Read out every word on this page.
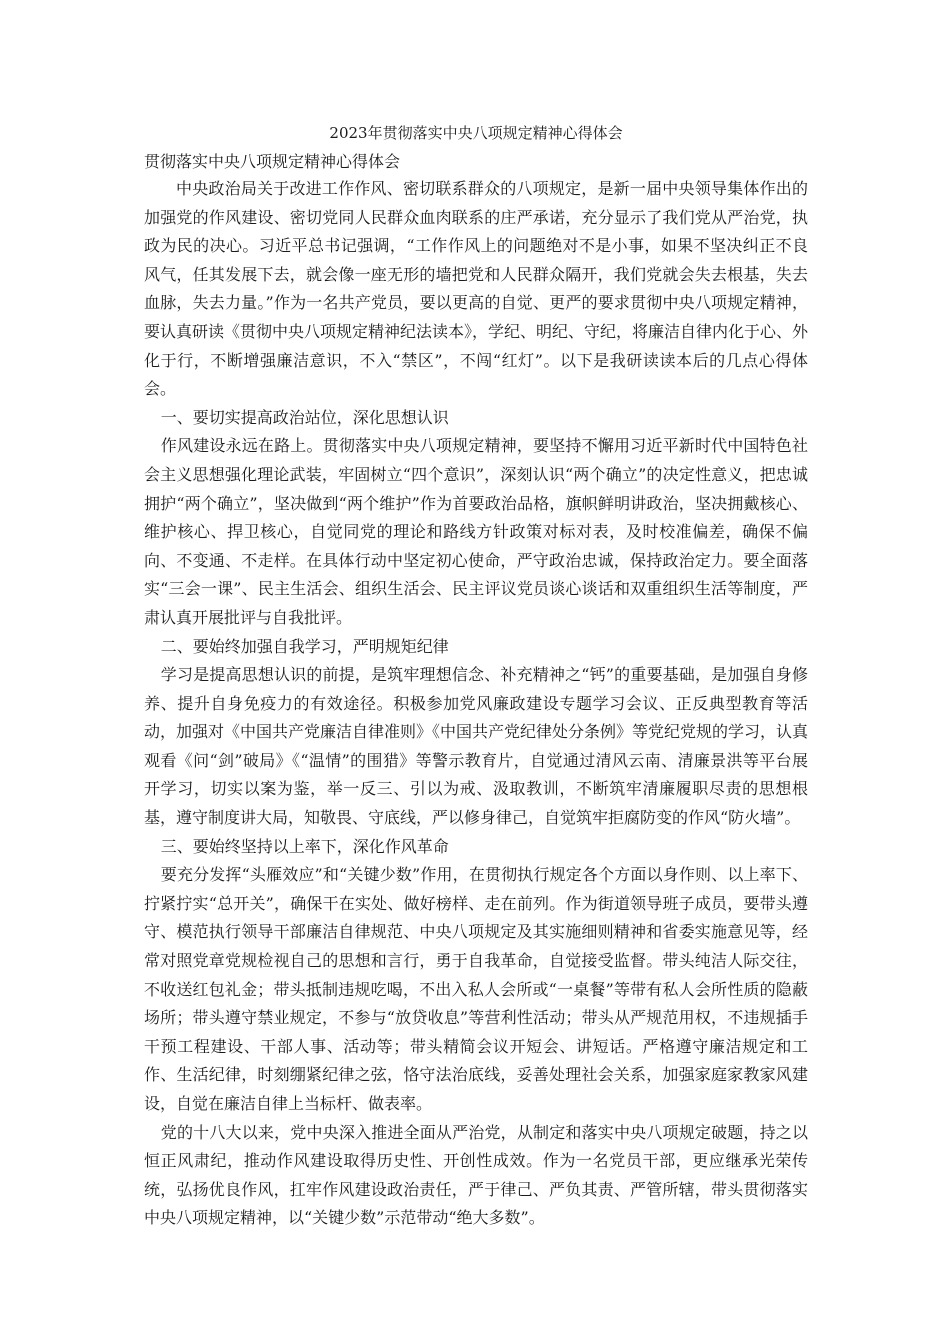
2023年贯彻落实中央八项规定精神心得体会
贯彻落实中央八项规定精神心得体会

中央政治局关于改进工作作风、密切联系群众的八项规定，是新一届中央领导集体作出的加强党的作风建设、密切党同人民群众血肉联系的庄严承诺，充分显示了我们党从严治党，执政为民的决心。习近平总书记强调，“工作作风上的问题绝对不是小事，如果不坚决纠正不良风气，任其发展下去，就会像一座无形的墙把党和人民群众隔开，我们党就会失去根基，失去血脉，失去力量。”作为一名共产党员，要以更高的自觉、更严的要求贯彻中央八项规定精神，要认真研读《贯彻中央八项规定精神纪法读本》，学纪、明纪、守纪，将廉洁自律内化于心、外化于行，不断增强廉洁意识，不入“禁区”，不闯“红灯”。以下是我研读读本后的几点心得体会。

一、要切实提高政治站位，深化思想认识

作风建设永远在路上。贯彻落实中央八项规定精神，要坚持不懈用习近平新时代中国特色社会主义思想强化理论武装，牢固树立“四个意识”，深刻认识“两个确立”的决定性意义，把忠诚拥护“两个确立”，坚决做到“两个维护”作为首要政治品格，旗帜鲜明讲政治，坚决拥戴核心、维护核心、捍卫核心，自觉同党的理论和路线方针政策对标对表，及时校准偏差，确保不偏向、不变通、不走样。在具体行动中坚定初心使命，严守政治忠诚，保持政治定力。要全面落实“三会一课”、民主生活会、组织生活会、民主评议党员谈心谈话和双重组织生活等制度，严肃认真开展批评与自我批评。

二、要始终加强自我学习，严明规矩纪律

学习是提高思想认识的前提，是筑牢理想信念、补充精神之“钙”的重要基础，是加强自身修养、提升自身免疫力的有效途径。积极参加党风廉政建设专题学习会议、正反典型教育等活动，加强对《中国共产党廉洁自律准则》《中国共产党纪律处分条例》等党纪党规的学习，认真观看《问“剑”破局》《“温情”的围猎》等警示教育片，自觉通过清风云南、清廉景洪等平台展开学习，切实以案为鉴，举一反三、引以为戒、汲取教训，不断筑牢清廉履职尽责的思想根基，遵守制度讲大局，知敬畏、守底线，严以修身律己，自觉筑牢拒腐防变的作风“防火墙”。

三、要始终坚持以上率下，深化作风革命

要充分发挥“头雁效应”和“关键少数”作用，在贯彻执行规定各个方面以身作则、以上率下、拧紧拧实“总开关”，确保干在实处、做好榜样、走在前列。作为街道领导班子成员，要带头遵守、模范执行领导干部廉洁自律规范、中央八项规定及其实施细则精神和省委实施意见等，经常对照党章党规检视自己的思想和言行，勇于自我革命，自觉接受监督。带头纯洁人际交往，不收送红包礼金；带头抵制违规吃喝，不出入私人会所或“一桌餐”等带有私人会所性质的隐蔽场所；带头遵守禁业规定，不参与“放贷收息”等营利性活动；带头从严规范用权，不违规插手干预工程建设、干部人事、活动等；带头精简会议开短会、讲短话。严格遵守廉洁规定和工作、生活纪律，时刻绷紧纪律之弦，恪守法治底线，妥善处理社会关系，加强家庭家教家风建设，自觉在廉洁自律上当标杆、做表率。

党的十八大以来，党中央深入推进全面从严治党，从制定和落实中央八项规定破题，持之以恒正风肃纪，推动作风建设取得历史性、开创性成效。作为一名党员干部，更应继承光荣传统，弘扬优良作风，扛牢作风建设政治责任，严于律己、严负其责、严管所辖，带头贯彻落实中央八项规定精神，以“关键少数”示范带动“绝大多数”。
